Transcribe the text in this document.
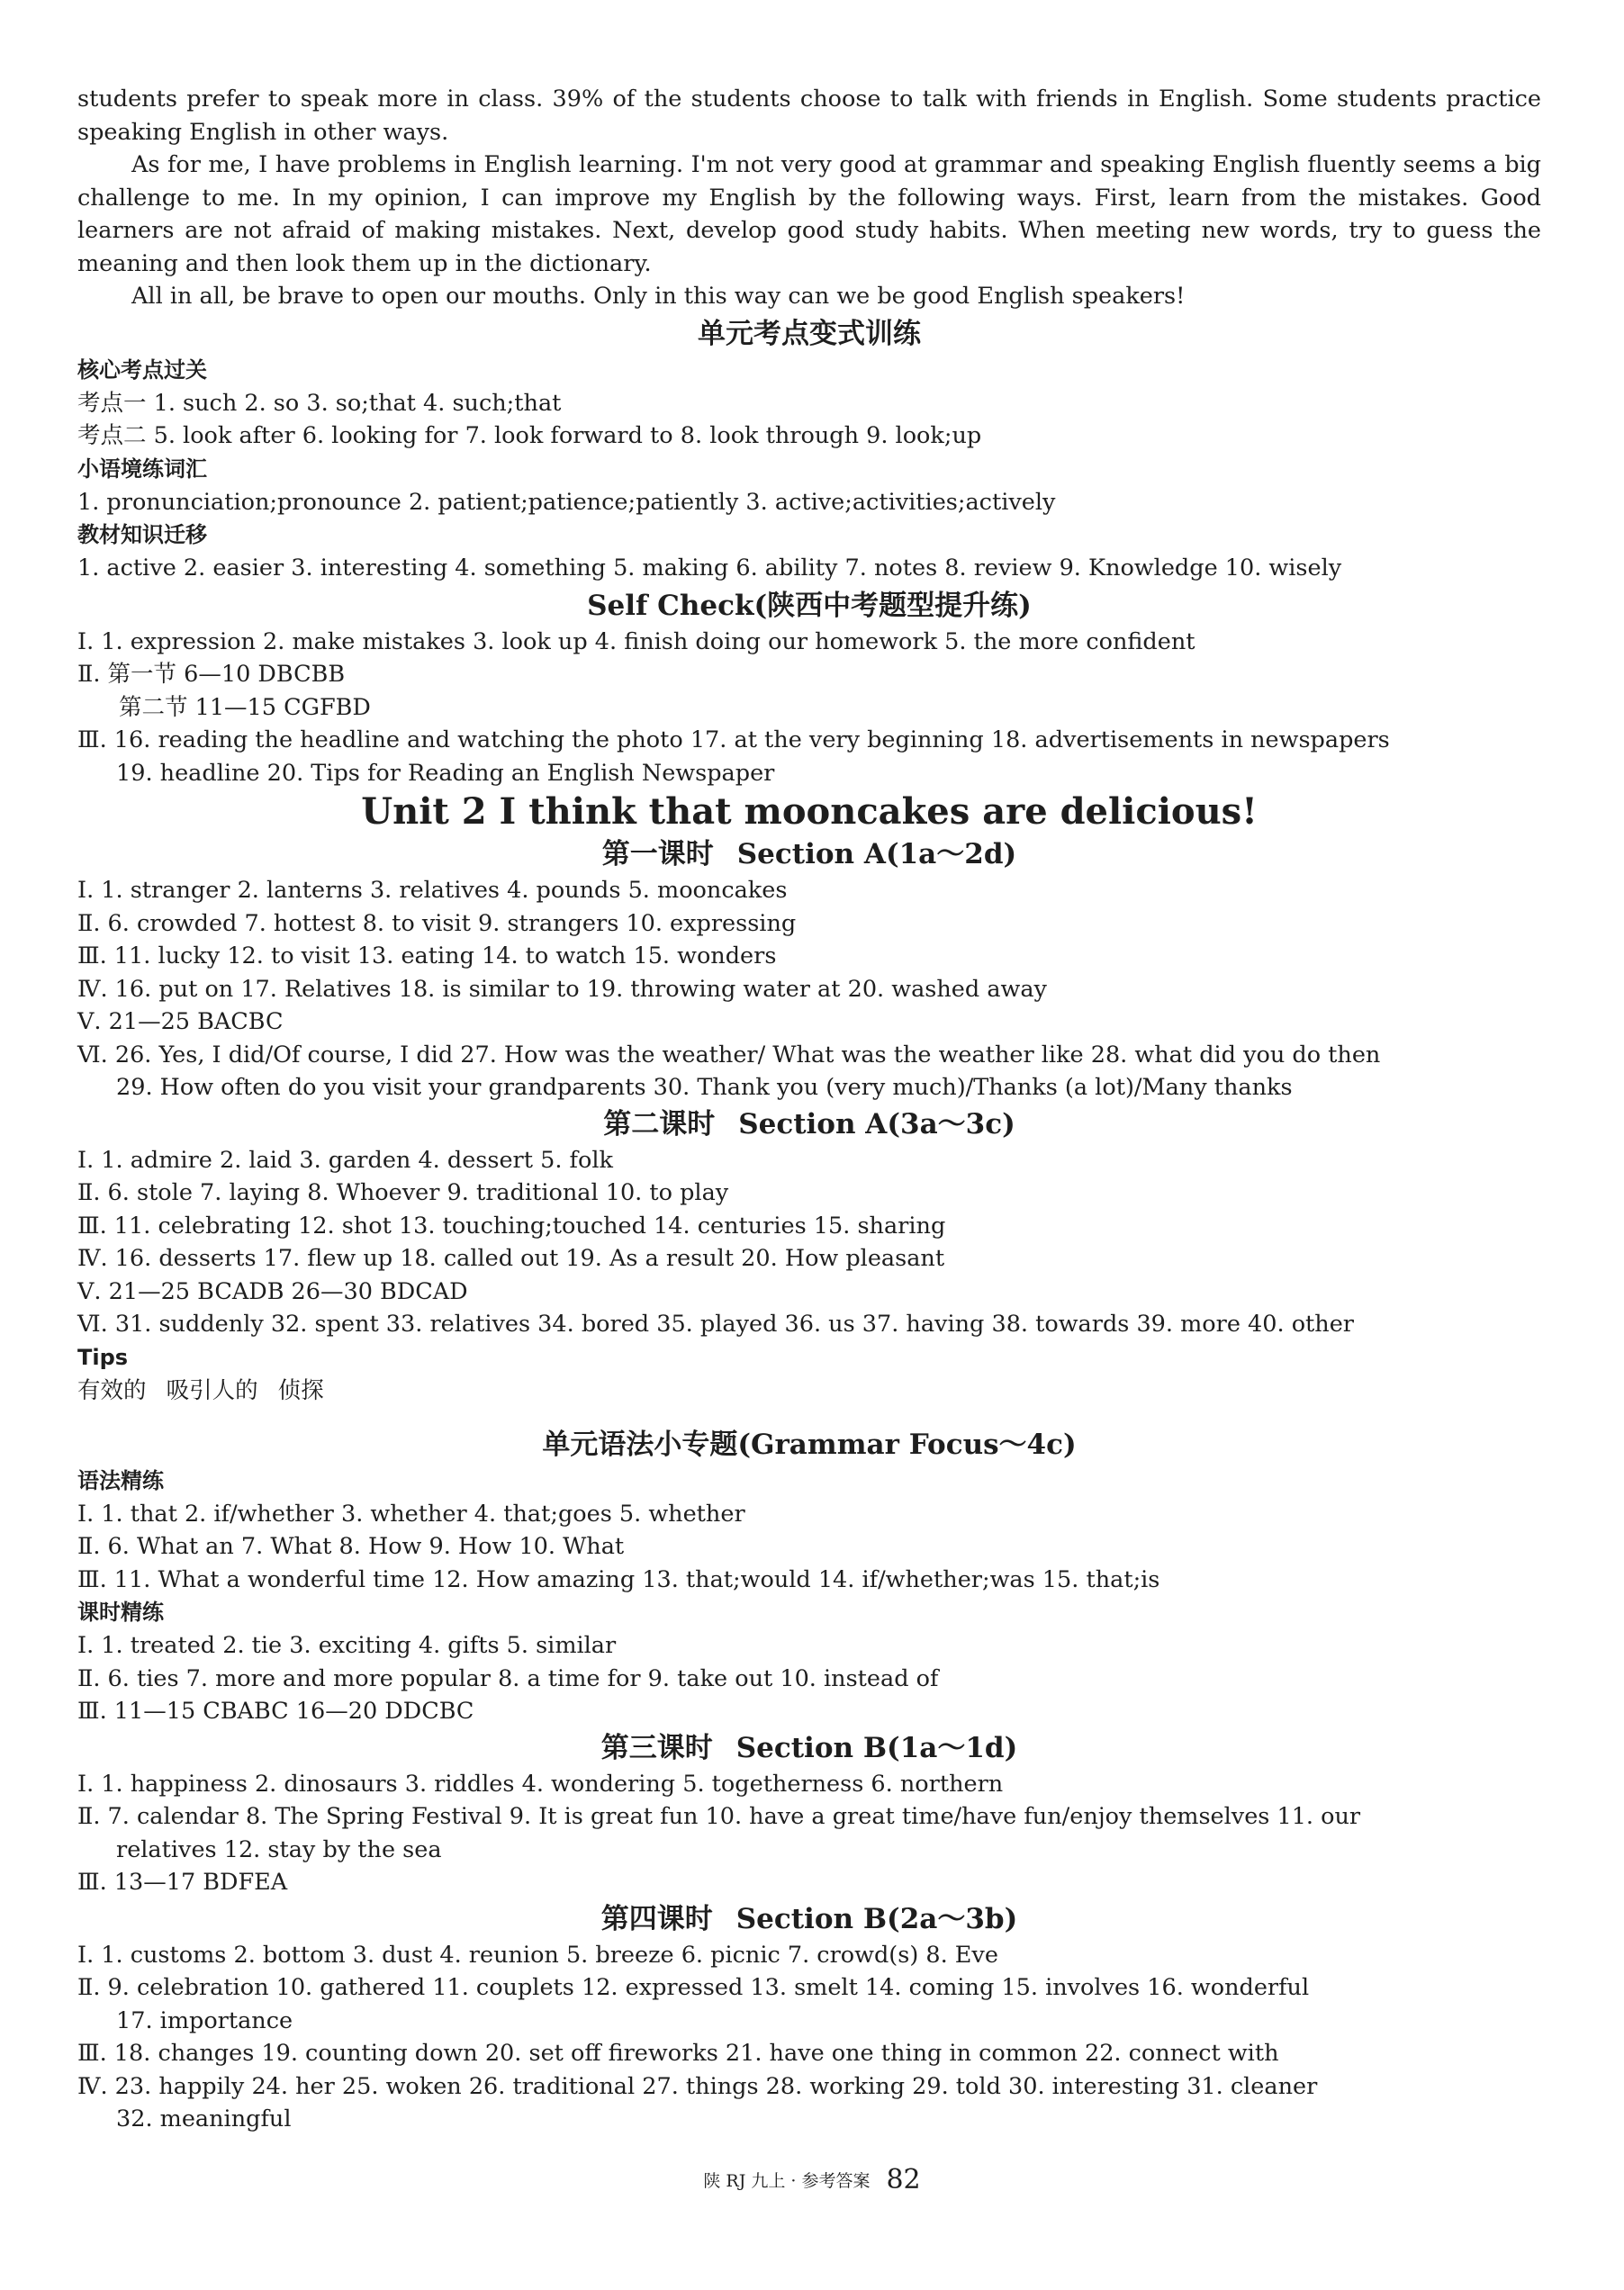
students prefer to speak more in class. 39% of the students choose to talk with friends in English. Some students practice speaking English in other ways.

As for me, I have problems in English learning. I'm not very good at grammar and speaking English fluently seems a big challenge to me. In my opinion, I can improve my English by the following ways. First, learn from the mistakes. Good learners are not afraid of making mistakes. Next, develop good study habits. When meeting new words, try to guess the meaning and then look them up in the dictionary.

All in all, be brave to open our mouths. Only in this way can we be good English speakers!

单元考点变式训练
核心考点过关
考点一 1. such 2. so 3. so;that 4. such;that
考点二 5. look after 6. looking for 7. look forward to 8. look through 9. look;up
小语境练词汇
1. pronunciation;pronounce 2. patient;patience;patiently 3. active;activities;actively
教材知识迁移
1. active 2. easier 3. interesting 4. something 5. making 6. ability 7. notes 8. review 9. Knowledge 10. wisely
Self Check(陕西中考题型提升练)
Ⅰ. 1. expression 2. make mistakes 3. look up 4. finish doing our homework 5. the more confident
Ⅱ. 第一节 6—10 DBCBB
第二节 11—15 CGFBD
Ⅲ. 16. reading the headline and watching the photo 17. at the very beginning 18. advertisements in newspapers
19. headline 20. Tips for Reading an English Newspaper
Unit 2 I think that mooncakes are delicious!
第一课时 Section A(1a～2d)
Ⅰ. 1. stranger 2. lanterns 3. relatives 4. pounds 5. mooncakes
Ⅱ. 6. crowded 7. hottest 8. to visit 9. strangers 10. expressing
Ⅲ. 11. lucky 12. to visit 13. eating 14. to watch 15. wonders
Ⅳ. 16. put on 17. Relatives 18. is similar to 19. throwing water at 20. washed away
Ⅴ. 21—25 BACBC
Ⅵ. 26. Yes, I did/Of course, I did 27. How was the weather/ What was the weather like 28. what did you do then
29. How often do you visit your grandparents 30. Thank you (very much)/Thanks (a lot)/Many thanks
第二课时 Section A(3a～3c)
Ⅰ. 1. admire 2. laid 3. garden 4. dessert 5. folk
Ⅱ. 6. stole 7. laying 8. Whoever 9. traditional 10. to play
Ⅲ. 11. celebrating 12. shot 13. touching;touched 14. centuries 15. sharing
Ⅳ. 16. desserts 17. flew up 18. called out 19. As a result 20. How pleasant
Ⅴ. 21—25 BCADB 26—30 BDCAD
Ⅵ. 31. suddenly 32. spent 33. relatives 34. bored 35. played 36. us 37. having 38. towards 39. more 40. other
Tips
有效的 吸引人的 侦探
单元语法小专题(Grammar Focus～4c)
语法精练
Ⅰ. 1. that 2. if/whether 3. whether 4. that;goes 5. whether
Ⅱ. 6. What an 7. What 8. How 9. How 10. What
Ⅲ. 11. What a wonderful time 12. How amazing 13. that;would 14. if/whether;was 15. that;is
课时精练
Ⅰ. 1. treated 2. tie 3. exciting 4. gifts 5. similar
Ⅱ. 6. ties 7. more and more popular 8. a time for 9. take out 10. instead of
Ⅲ. 11—15 CBABC 16—20 DDCBC
第三课时 Section B(1a～1d)
Ⅰ. 1. happiness 2. dinosaurs 3. riddles 4. wondering 5. togetherness 6. northern
Ⅱ. 7. calendar 8. The Spring Festival 9. It is great fun 10. have a great time/have fun/enjoy themselves 11. our
relatives 12. stay by the sea
Ⅲ. 13—17 BDFEA
第四课时 Section B(2a～3b)
Ⅰ. 1. customs 2. bottom 3. dust 4. reunion 5. breeze 6. picnic 7. crowd(s) 8. Eve
Ⅱ. 9. celebration 10. gathered 11. couplets 12. expressed 13. smelt 14. coming 15. involves 16. wonderful
17. importance
Ⅲ. 18. changes 19. counting down 20. set off fireworks 21. have one thing in common 22. connect with
Ⅳ. 23. happily 24. her 25. woken 26. traditional 27. things 28. working 29. told 30. interesting 31. cleaner
32. meaningful
陕 RJ 九上 · 参考答案 82
